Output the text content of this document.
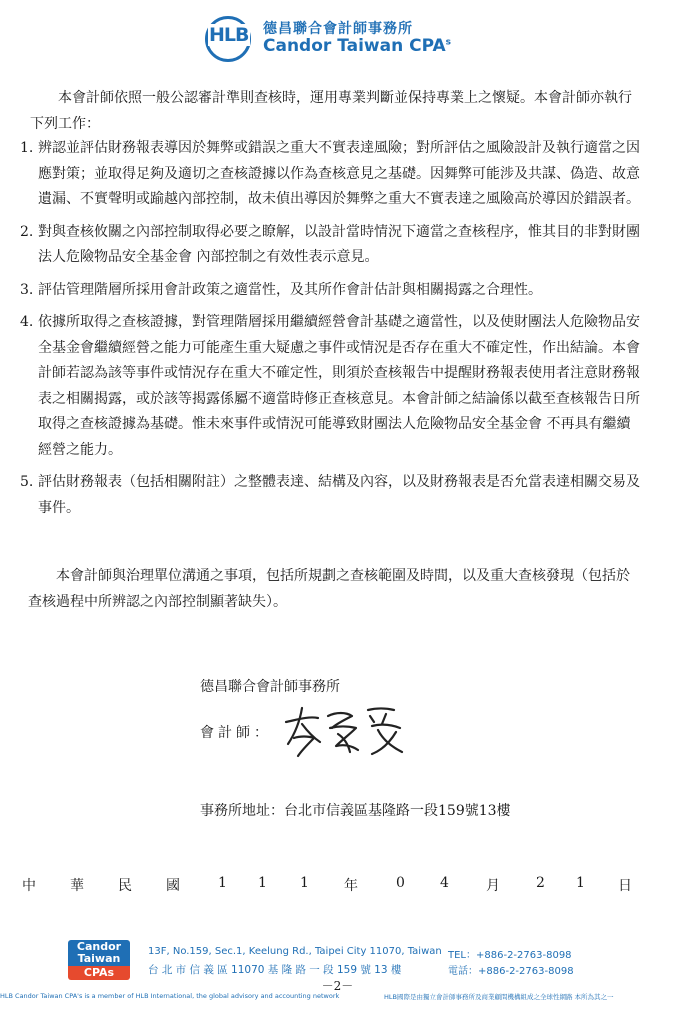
HLB 德昌聯合會計師事務所
Candor Taiwan CPA$^s$

本會計師依照一般公認審計準則查核時，運用專業判斷並保持專業上之懷疑。本會計師亦執行下列工作：

1. 辨認並評估財務報表導因於舞弊或錯誤之重大不實表達風險；對所評估之風險設計及執行適當之因應對策；並取得足夠及適切之查核證據以作為查核意見之基礎。因舞弊可能涉及共謀、偽造、故意遺漏、不實聲明或踰越內部控制，故未偵出導因於舞弊之重大不實表達之風險高於導因於錯誤者。
2. 對與查核攸關之內部控制取得必要之瞭解，以設計當時情況下適當之查核程序，惟其目的非對財團法人危險物品安全基金會 內部控制之有效性表示意見。
3. 評估管理階層所採用會計政策之適當性，及其所作會計估計與相關揭露之合理性。
4. 依據所取得之查核證據，對管理階層採用繼續經營會計基礎之適當性，以及使財團法人危險物品安全基金會繼續經營之能力可能產生重大疑慮之事件或情況是否存在重大不確定性，作出結論。本會計師若認為該等事件或情況存在重大不確定性，則須於查核報告中提醒財務報表使用者注意財務報表之相關揭露，或於該等揭露係屬不適當時修正查核意見。本會計師之結論係以截至查核報告日所取得之查核證據為基礎。惟未來事件或情況可能導致財團法人危險物品安全基金會 不再具有繼續經營之能力。
5. 評估財務報表（包括相關附註）之整體表達、結構及內容，以及財務報表是否允當表達相關交易及事件。

本會計師與治理單位溝通之事項，包括所規劃之查核範圍及時間，以及重大查核發現（包括於查核過程中所辨認之內部控制顯著缺失）。

德昌聯合會計師事務所
會計師：
事務所地址：台北市信義區基隆路一段159號13樓
中 華 民 國	1 1 1	年	0	4	月	2 1 日
Candor
Taiwan
CPAs
13F, No.159, Sec.1, Keelung Rd., Taipei City 11070, Taiwan
台 北 市 信 義 區 11070 基 隆 路 一 段 159 號 13 樓
TEL：+886-2-2763-8098
電話：+886-2-2763-8098
－2－
HLB Candor Taiwan CPA's is a member of HLB International, the global advisory and accounting network	HLB國際是由獨立會計師事務所及商業顧問機構組成之全球性網路 本所為其之一
